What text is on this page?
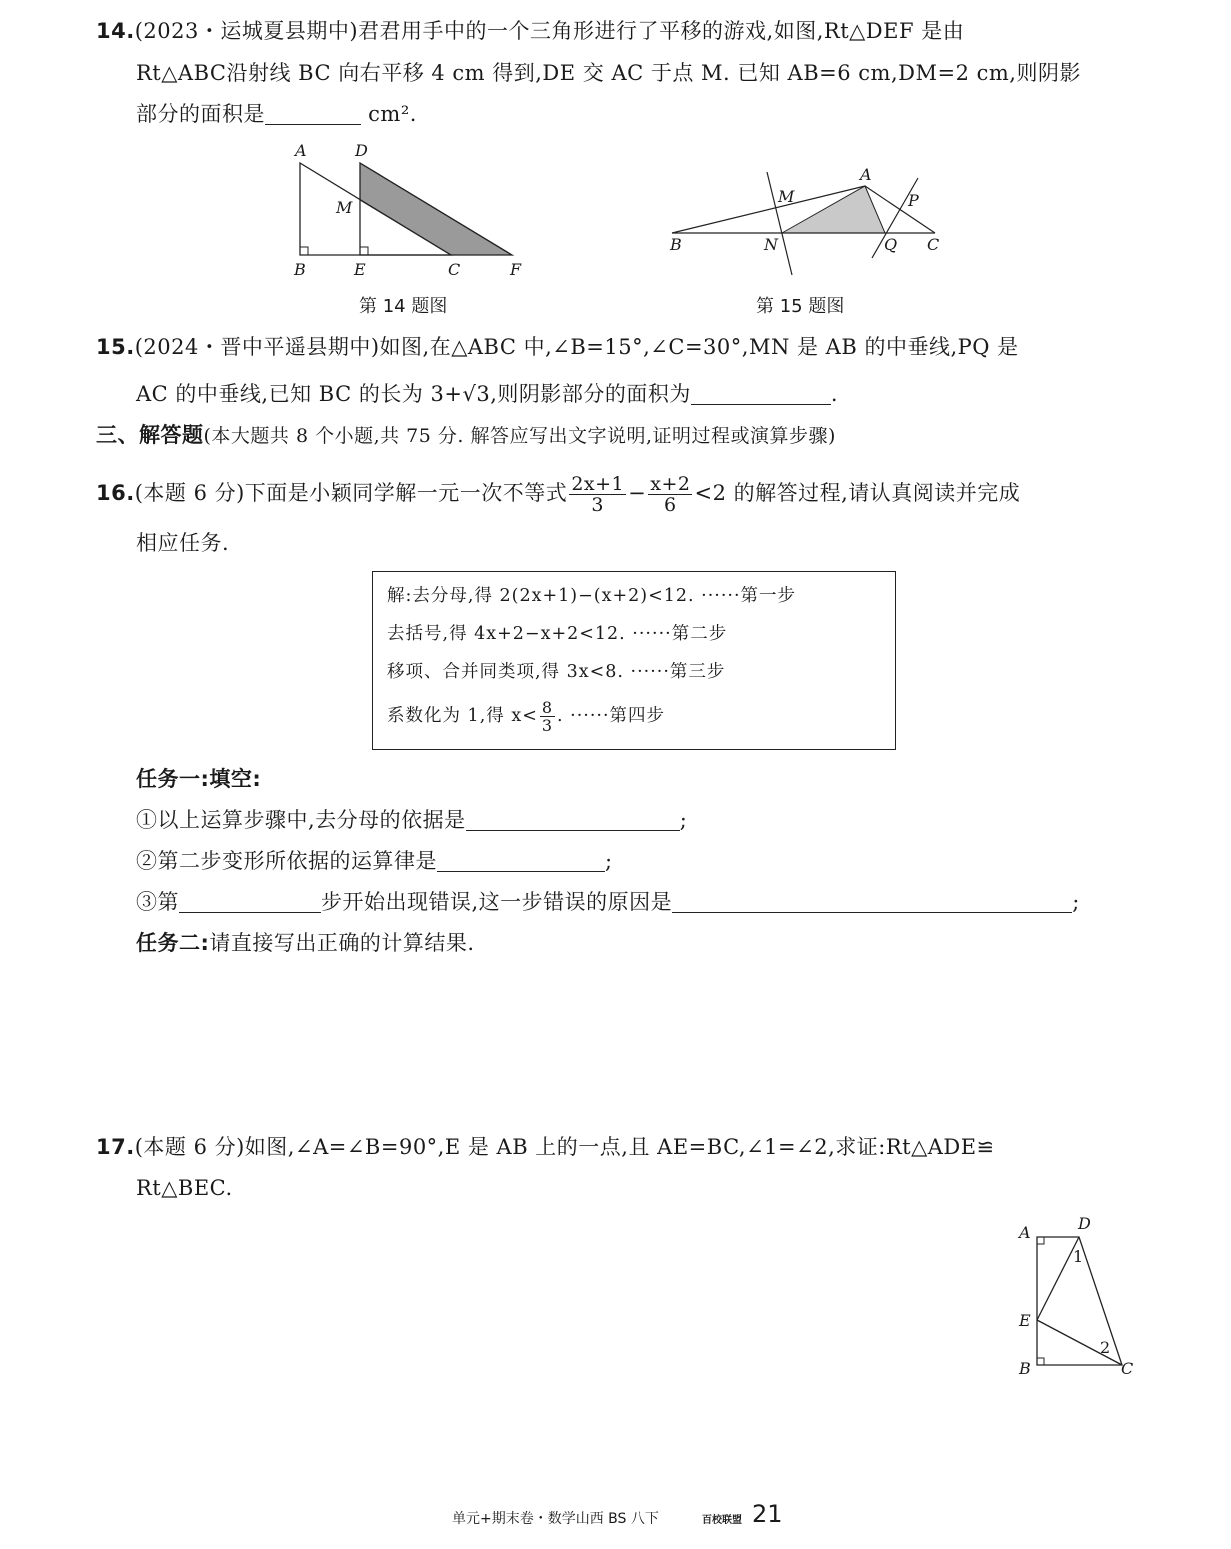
14.(2023・运城夏县期中)君君用手中的一个三角形进行了平移的游戏,如图,Rt△DEF 是由
Rt△ABC沿射线 BC 向右平移 4 cm 得到,DE 交 AC 于点 M. 已知 AB=6 cm,DM=2 cm,则阴影
部分的面积是	cm².
A	D
M
B	E	C	F
第 14 题图
A
M	P
B	N	Q C
第 15 题图
15.(2024・晋中平遥县期中)如图,在△ABC 中,∠B=15°,∠C=30°,MN 是 AB 的中垂线,PQ 是
AC 的中垂线,已知 BC 的长为 3+√3,则阴影部分的面积为	.
三、解答题(本大题共 8 个小题,共 75 分. 解答应写出文字说明,证明过程或演算步骤)
16.(本题 6 分)下面是小颖同学解一元一次不等式 $\frac{2x+1}{3} - \frac{x+2}{6} <2$ 的解答过程,请认真阅读并完成
相应任务.
解:去分母,得 2(2x+1)−(x+2)<12. ······第一步
去括号,得 4x+2−x+2<12. ······第二步
移项、合并同类项,得 3x<8. ······第三步
系数化为 1,得 $x< \frac{8}{3}$ . ······第四步
任务一:填空:
①以上运算步骤中,去分母的依据是	;
②第二步变形所依据的运算律是	;
③第	步开始出现错误,这一步错误的原因是	;
任务二:请直接写出正确的计算结果.
17.(本题 6 分)如图,∠A=∠B=90°,E 是 AB 上的一点,且 AE=BC,∠1=∠2,求证:Rt△ADE≌
Rt△BEC.
A	D
1
E
2
B	C
单元+期末卷・数学山西 BS 八下	百校联盟 21
